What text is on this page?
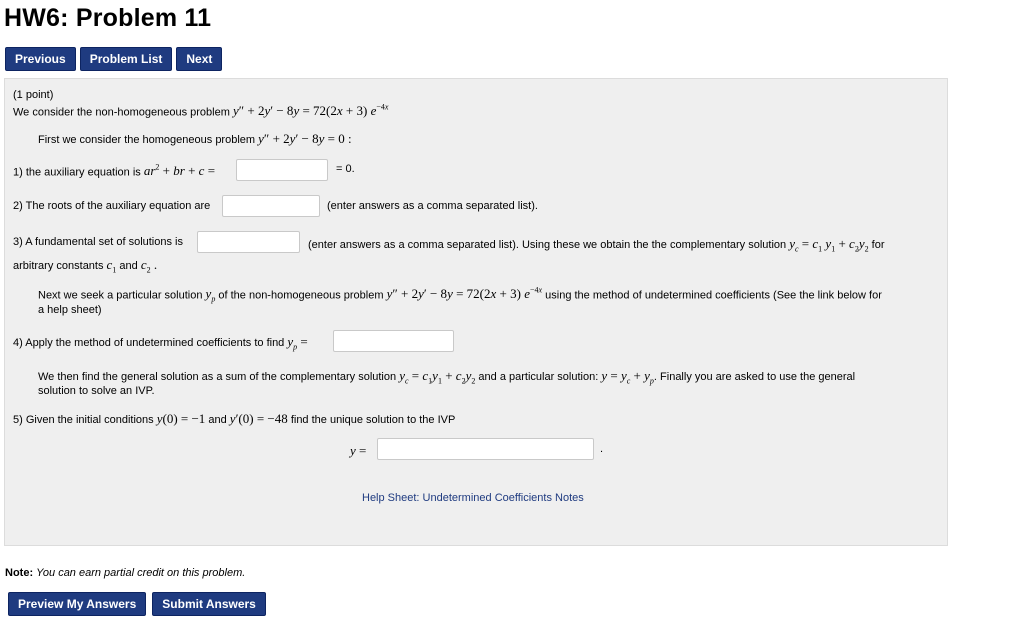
HW6: Problem 11
Previous	Problem List	Next
(1 point)
We consider the non-homogeneous problem y″ + 2y′ − 8y = 72(2x + 3) $e^{-4x}$
First we consider the homogeneous problem y″ + 2y′ − 8y = 0 :
1) the auxiliary equation is $ar^2$ + br + c =	= 0.
2) The roots of the auxiliary equation are	(enter answers as a comma separated list).
3) A fundamental set of solutions is	(enter answers as a comma separated list). Using these we obtain the the complementary solution $y_c = c_1$ $y_1 + c_2y_2$ for
arbitrary constants $c_1$ and $c_2$ .
Next we seek a particular solution $y_p$ of the non-homogeneous problem y″ + 2y′ − 8y = 72(2x + 3) $e^{-4x}$ using the method of undetermined coefficients (See the link below for
a help sheet)
4) Apply the method of undetermined coefficients to find $y_p$ =
We then find the general solution as a sum of the complementary solution $y_c = c_1y_1 + c_2y_2$ and a particular solution: $y = y_c + y_p$. Finally you are asked to use the general
solution to solve an IVP.
5) Given the initial conditions y(0) = −1 and y′(0) = −48 find the unique solution to the IVP
y =	.
Help Sheet: Undetermined Coefficients Notes
Note: You can earn partial credit on this problem.
Preview My Answers	Submit Answers
